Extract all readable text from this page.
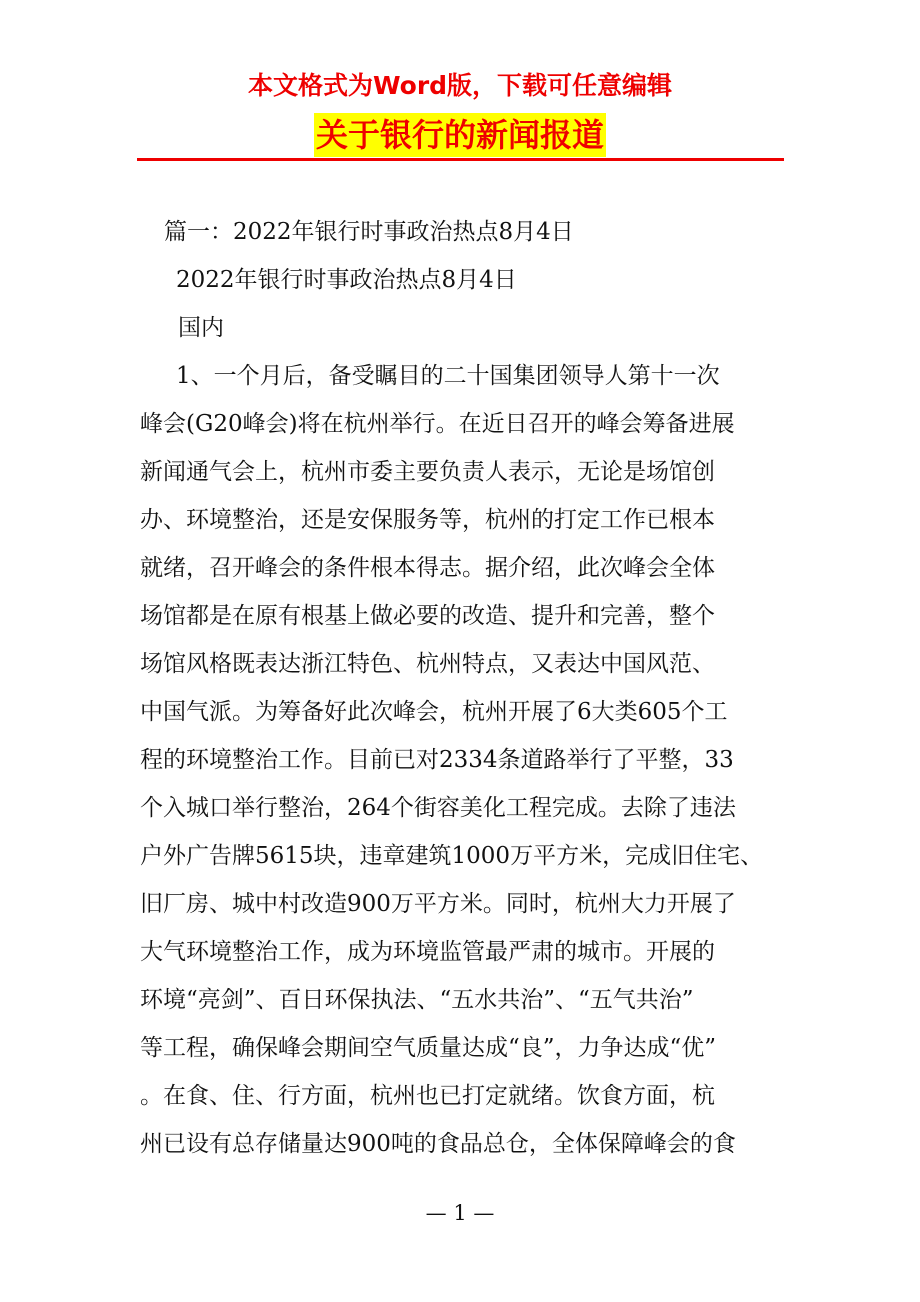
本文格式为Word版，下载可任意编辑
关于银行的新闻报道
篇一：2022年银行时事政治热点8月4日
2022年银行时事政治热点8月4日
国内
1、一个月后，备受瞩目的二十国集团领导人第十一次
峰会(G20峰会)将在杭州举行。在近日召开的峰会筹备进展
新闻通气会上，杭州市委主要负责人表示，无论是场馆创
办、环境整治，还是安保服务等，杭州的打定工作已根本
就绪，召开峰会的条件根本得志。据介绍，此次峰会全体
场馆都是在原有根基上做必要的改造、提升和完善，整个
场馆风格既表达浙江特色、杭州特点，又表达中国风范、
中国气派。为筹备好此次峰会，杭州开展了6大类605个工
程的环境整治工作。目前已对2334条道路举行了平整，33
个入城口举行整治，264个街容美化工程完成。去除了违法
户外广告牌5615块，违章建筑1000万平方米，完成旧住宅、
旧厂房、城中村改造900万平方米。同时，杭州大力开展了
大气环境整治工作，成为环境监管最严肃的城市。开展的
环境“亮剑”、百日环保执法、“五水共治”、“五气共治”
等工程，确保峰会期间空气质量达成“良”，力争达成“优”
。在食、住、行方面，杭州也已打定就绪。饮食方面，杭
州已设有总存储量达900吨的食品总仓，全体保障峰会的食
— 1 —
